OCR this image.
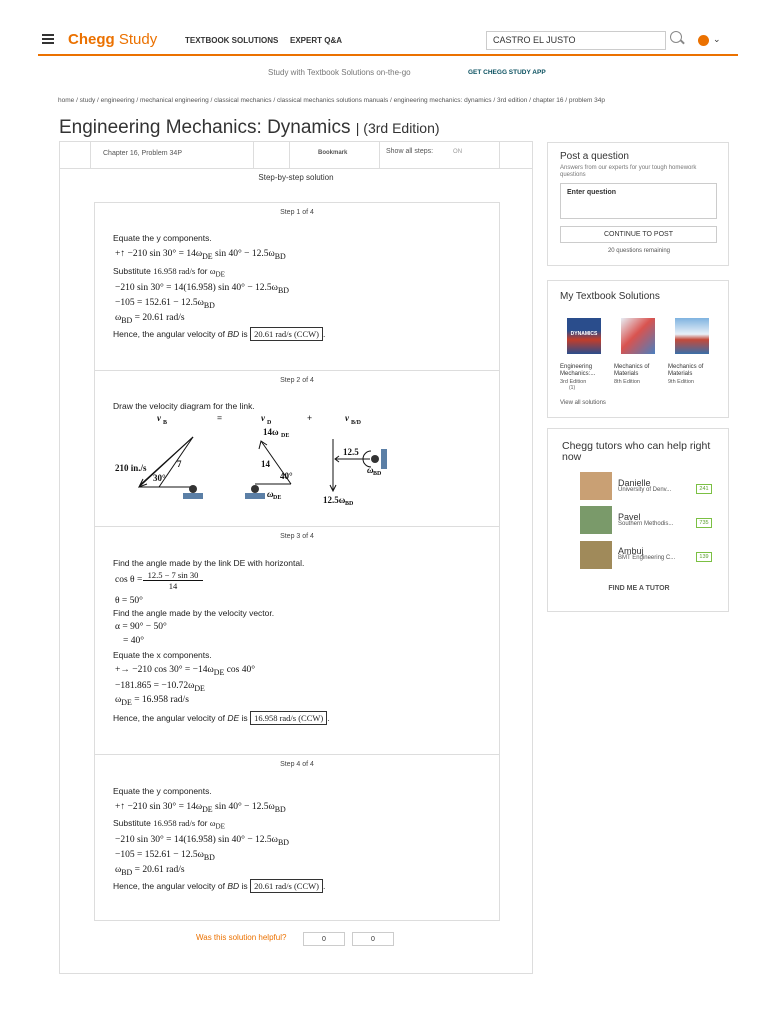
Chegg Study	TEXTBOOK SOLUTIONS EXPERT Q&A	CASTRO EL JUSTO	⌄
Study with Textbook Solutions on-the-go	GET CHEGG STUDY APP
home / study / engineering / mechanical engineering / classical mechanics / classical mechanics solutions manuals / engineering mechanics: dynamics / 3rd edition / chapter 16 / problem 34p
Engineering Mechanics: Dynamics | (3rd Edition)
Chapter 16, Problem 34P	Bookmark	Show all steps:	ON
Step-by-step solution
Step 1 of 4
Equate the y components.
+↑ −210 $\sin 30^\circ = 14\omega_{DE}$ $\sin 40^\circ - 12.5\omega_{BD}$
Substitute 16.958 rad/s for $\omega_{DE}$
−210 sin 30° = 14(16.958) $\sin 40^\circ - 12.5\omega_{BD}$
$-105 = 152.61 - 12.5\omega_{BD}$
$\omega_{BD} = 20.61$ rad/s
Hence, the angular velocity of BD is 20.61 rad/s (CCW) .
Step 2 of 4
Draw the velocity diagram for the link.
v B	=	v D	+	v B/D
14ω DE
210 in./s	7
30°
14
40°
ω DE
12.5
ω BD
12.5ω BD
Step 3 of 4
Find the angle made by the link DE with horizontal.
cos θ = 12.5 − 7 sin 30
14
θ = 50°
Find the angle made by the velocity vector.
α = 90° − 50°
= 40°
Equate the x components.
+→ −210 $\cos 30^\circ = -14\omega_{DE}$ cos 40°
$-181.865 = -10.72\omega_{DE}$
$\omega_{DE} = 16.958$ rad/s
Hence, the angular velocity of DE is 16.958 rad/s (CCW) .
Step 4 of 4
Equate the y components.
+↑ −210 $\sin 30^\circ = 14\omega_{DE}$ $\sin 40^\circ - 12.5\omega_{BD}$
Substitute 16.958 rad/s for $\omega_{DE}$
−210 sin 30° = 14(16.958) $\sin 40^\circ - 12.5\omega_{BD}$
$-105 = 152.61 - 12.5\omega_{BD}$
$\omega_{BD} = 20.61$ rad/s
Hence, the angular velocity of BD is 20.61 rad/s (CCW) .
Was this solution helpful?	0	0
Post a question
Answers from our experts for your tough homework questions
Enter question
CONTINUE TO POST
20 questions remaining
My Textbook Solutions
Engineering Mechanics:...
3rd Edition
(1)
Mechanics of Materials
8th Edition
Mechanics of Materials
9th Edition
View all solutions
DYNAMICS
Chegg tutors who can help right now
FIND ME A TUTOR
Danielle
University of Denv...	241
Pavel
Southern Methodis...	735
Ambuj
BMT Engineering C...	139
